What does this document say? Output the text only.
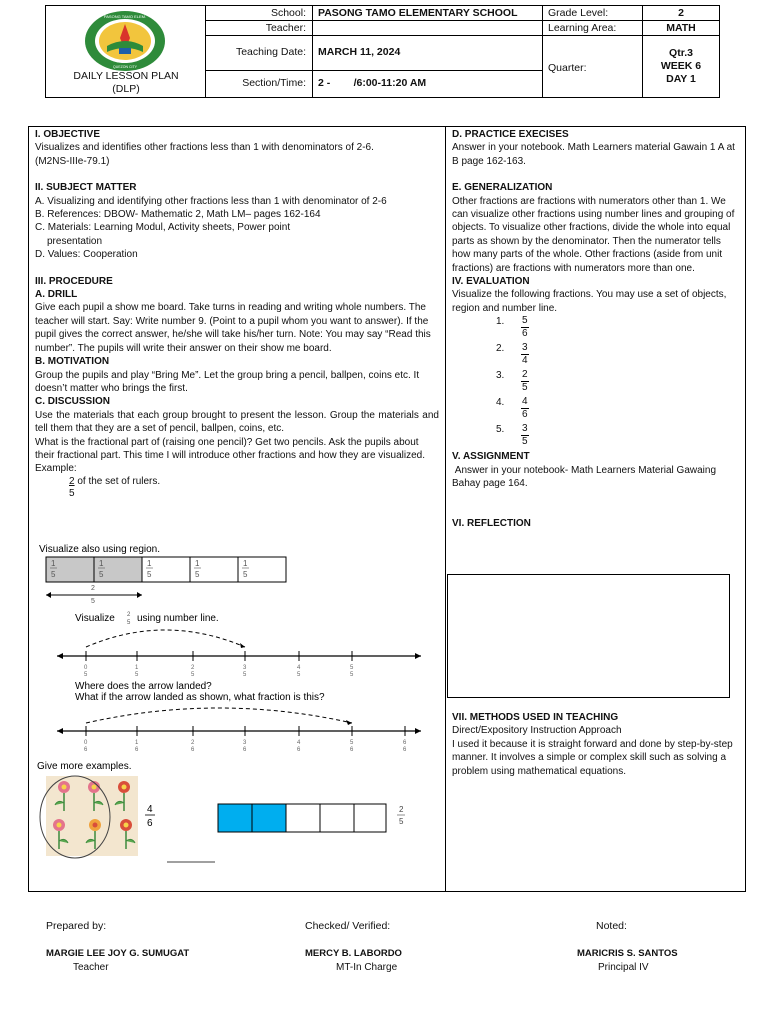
PASONG TAMO ELEM.
QUEZON CITY
DAILY LESSON PLAN
(DLP)
School: PASONG TAMO ELEMENTARY SCHOOL
Teacher:
Teaching Date: MARCH 11, 2024
Section/Time: 2 -        /6:00-11:20 AM
Grade Level:	2
Learning Area:	MATH
Quarter:
Qtr.3
WEEK 6
DAY 1
I. OBJECTIVE
Visualizes and identifies other fractions less than 1 with denominators of 2-6.
(M2NS-IIIe-79.1)
II. SUBJECT MATTER
A. Visualizing and identifying other fractions less than 1 with denominator of 2-6
B. References: DBOW- Mathematic 2, Math LM– pages 162-164
C. Materials: Learning Modul, Activity sheets, Power point
presentation
D. Values: Cooperation
III. PROCEDURE
A. DRILL
Give each pupil a show me board. Take turns in reading and writing whole numbers. The teacher will start. Say: Write number 9. (Point to a pupil whom you want to answer). If the pupil gives the correct answer, he/she will take his/her turn. Note: You may say “Read this number”. The pupils will write their answer on their show me board.
B. MOTIVATION
Group the pupils and play “Bring Me”. Let the group bring a pencil, ballpen, coins etc. It doesn’t matter who brings the first.
C. DISCUSSION
Use the materials that each group brought to present the lesson. Group the materials and tell them that they are a set of pencil, ballpen, coins, etc.
What is the fractional part of (raising one pencil)? Get two pencils. Ask the pupils about their fractional part. This time I will introduce other fractions and how they are visualized.
Example:
2 of the set of rulers.
5
Visualize also using region.
1
5
1
5
1
5
1
5
1
5
2
5
Visualize 2
5 using number line.
0
5
1
5
2
5
3
5
4
5
5
5
Where does the arrow landed?
What if the arrow landed as shown, what fraction is this?
0
6
1
6
2
6
3
6
4
6
5
6
6
6
Give more examples.
4
6
2
5
D. PRACTICE EXECISES
Answer in your notebook. Math Learners material Gawain 1 A at B page 162-163.
E. GENERALIZATION
Other fractions are fractions with numerators other than 1. We can visualize other fractions using number lines and grouping of objects. To visualize other fractions, divide the whole into equal parts as shown by the denominator. Then the numerator tells how many parts of the whole. Other fractions (aside from unit fractions) are fractions with numerators more than one.
IV. EVALUATION
Visualize the following fractions. You may use a set of objects, region and number line.
1.	$\frac{5}{6}$
2.	$\frac{3}{4}$
3.	$\frac{2}{5}$
4.	$\frac{4}{6}$
5.	$\frac{3}{5}$
V. ASSIGNMENT
Answer in your notebook- Math Learners Material Gawaing Bahay page 164.
VI. REFLECTION
VII. METHODS USED IN TEACHING
Direct/Expository Instruction Approach
I used it because it is straight forward and done by step-by-step manner. It involves a simple or complex skill such as solving a problem using mathematical equations.
Prepared by:
MARGIE LEE JOY G. SUMUGAT
Teacher
Checked/ Verified:
MERCY B. LABORDO
MT-In Charge
Noted:
MARICRIS S. SANTOS
Principal IV
